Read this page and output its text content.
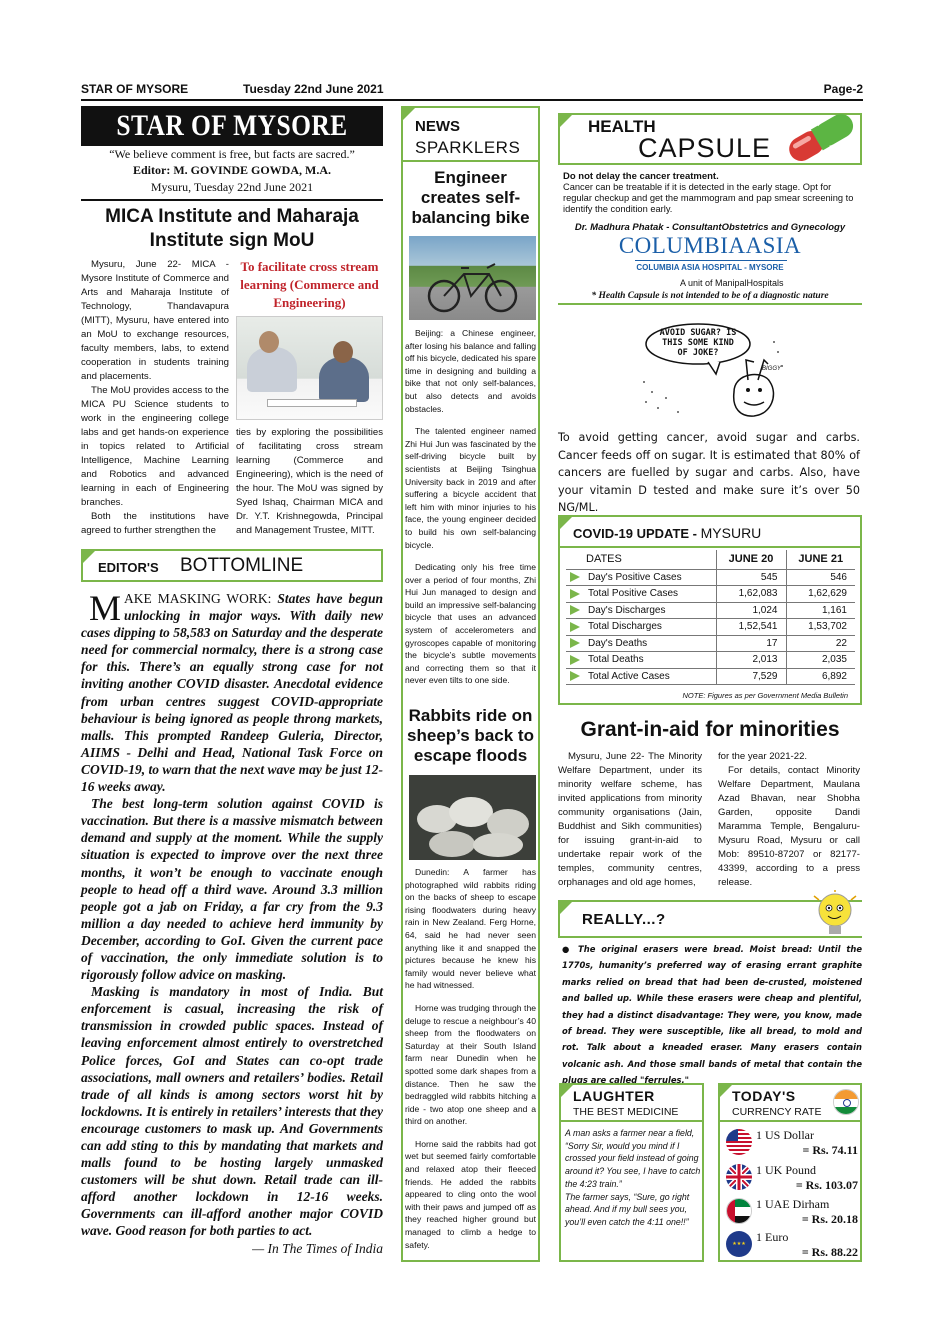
STAR OF MYSORE	Tuesday 22nd June 2021	Page-2
STAR OF MYSORE
“We believe comment is free, but facts are sacred.”
Editor: M. GOVINDE GOWDA, M.A.
Mysuru, Tuesday 22nd June 2021
MICA Institute and Maharaja Institute sign MoU

Mysuru, June 22- MICA - Mysore Institute of Commerce and Arts and Maharaja Institute of Technology, Thandavapura (MITT), Mysuru, have entered into an MoU to exchange resources, faculty members, labs, to extend cooperation in students training and placements.

The MoU provides access to the MICA PU Science students to work in the engineering college labs and get hands-on experience in topics related to Artificial Intelligence, Machine Learning and Robotics and advanced learning in each of Engineering branches.

Both the institutions have agreed to further strengthen the

To facilitate cross stream learning (Commerce and Engineering)
ties by exploring the possibilities of facilitating cross stream learning (Commerce and Engineering), which is the need of the hour. The MoU was signed by Syed Ishaq, Chairman MICA and Dr. Y.T. Krishnegowda, Principal and Management Trustee, MITT.
EDITOR'S BOTTOMLINE

MAKE MASKING WORK: States have begun unlocking in major ways. With daily new cases dipping to 58,583 on Saturday and the desperate need for commercial normalcy, there is a strong case for this. There’s an equally strong case for not inviting another COVID disaster. Anecdotal evidence from urban centres suggest COVID-appropriate behaviour is being ignored as people throng markets, malls. This prompted Randeep Guleria, Director, AIIMS - Delhi and Head, National Task Force on COVID-19, to warn that the next wave may be just 12-16 weeks away.

The best long-term solution against COVID is vaccination. But there is a massive mismatch between demand and supply at the moment. While the supply situation is expected to improve over the next three months, it won’t be enough to vaccinate enough people to head off a third wave. Around 3.3 million people got a jab on Friday, a far cry from the 9.3 million a day needed to achieve herd immunity by December, according to GoI. Given the current pace of vaccination, the only immediate solution is to rigorously follow advice on masking.

Masking is mandatory in most of India. But enforcement is casual, increasing the risk of transmission in crowded public spaces. Instead of leaving enforcement almost entirely to overstretched Police forces, GoI and States can co-opt trade associations, mall owners and retailers’ bodies. Retail trade of all kinds is among sectors worst hit by lockdowns. It is entirely in retailers’ interests that they encourage customers to mask up. And Governments can add sting to this by mandating that markets and malls found to be hosting largely unmasked customers will be shut down. Retail trade can ill-afford another lockdown in 12-16 weeks. Governments can ill-afford another major COVID wave. Good reason for both parties to act.

— In The Times of India

NEWS
SPARKLERS
Engineer creates self-balancing bike

Beijing: a Chinese engineer, after losing his balance and falling off his bicycle, dedicated his spare time in designing and building a bike that not only self-balances, but also detects and avoids obstacles.

The talented engineer named Zhi Hui Jun was fascinated by the self-driving bicycle built by scientists at Beijing Tsinghua University back in 2019 and after suffering a bicycle accident that left him with minor injuries to his face, the young engineer decided to build his own self-balancing bicycle.

Dedicating only his free time over a period of four months, Zhi Hui Jun managed to design and build an impressive self-balancing bicycle that uses an advanced system of accelerometers and gyroscopes capable of monitoring the bicycle’s subtle movements and correcting them so that it never even tilts to one side.

Rabbits ride on sheep’s back to escape floods

Dunedin: A farmer has photographed wild rabbits riding on the backs of sheep to escape rising floodwaters during heavy rain in New Zealand. Ferg Horne, 64, said he had never seen anything like it and snapped the pictures because he knew his family would never believe what he had witnessed.

Horne was trudging through the deluge to rescue a neighbour’s 40 sheep from the floodwaters on Saturday at their South Island farm near Dunedin when he spotted some dark shapes from a distance. Then he saw the bedraggled wild rabbits hitching a ride - two atop one sheep and a third on another.

Horne said the rabbits had got wet but seemed fairly comfortable and relaxed atop their fleeced friends. He added the rabbits appeared to cling onto the wool with their paws and jumped off as they reached higher ground but managed to climb a hedge to safety.

HEALTH
CAPSULE
Do not delay the cancer treatment.
Cancer can be treatable if it is detected in the early stage. Opt for regular checkup and get the mammogram and pap smear screening to identify the condition early.
Dr. Madhura Phatak - ConsultantObstetrics and Gynecology
COLUMBIAASIA
COLUMBIA ASIA HOSPITAL - MYSORE
A unit of ManipalHospitals
* Health Capsule is not intended to be of a diagnostic nature
AVOID SUGAR? IS THIS SOME KIND OF JOKE?
BIGGY
To avoid getting cancer, avoid sugar and carbs. Cancer feeds off on sugar. It is estimated that 80% of cancers are fuelled by sugar and carbs. Also, have your vitamin D tested and make sure it’s over 50 NG/ML.
COVID-19 UPDATE - MYSURU
DATES	JUNE 20	JUNE 21
Day's Positive Cases	545	546
Total Positive Cases	1,62,083	1,62,629
Day's Discharges	1,024	1,161
Total Discharges	1,52,541	1,53,702
Day's Deaths	17	22
Total Deaths	2,013	2,035
Total Active Cases	7,529	6,892
NOTE: Figures as per Government Media Bulletin
Grant-in-aid for minorities
Mysuru, June 22- The Minority Welfare Department, under its minority welfare scheme, has invited applications from minority community organisations (Jain, Buddhist and Sikh communities) for issuing grant-in-aid to undertake repair work of the temples, community centres, orphanages and old age homes,

for the year 2021-22.

For details, contact Minority Welfare Department, Maulana Azad Bhavan, near Shobha Garden, opposite Dandi Maramma Temple, Bengaluru-Mysuru Road, Mysuru or call Mob: 89510-87207 or 82177-43399, according to a press release.

REALLY...?
● The original erasers were bread. Moist bread: Until the 1770s, humanity’s preferred way of erasing errant graphite marks relied on bread that had been de-crusted, moistened and balled up. While these erasers were cheap and plentiful, they had a distinct disadvantage: They were, you know, made of bread. They were susceptible, like all bread, to mold and rot. Talk about a kneaded eraser. Many erasers contain volcanic ash. And those small bands of metal that contain the plugs are called "ferrules."
LAUGHTER
THE BEST MEDICINE

A man asks a farmer near a field, “Sorry Sir, would you mind if I crossed your field instead of going around it? You see, I have to catch the 4:23 train.”

The farmer says, “Sure, go right ahead. And if my bull sees you, you’ll even catch the 4:11 one!!”

TODAY'S
CURRENCY RATE
1 US Dollar
= Rs. 74.11
1 UK Pound
= Rs. 103.07
1 UAE Dirham
= Rs. 20.18
★★★ 1 Euro
= Rs. 88.22
